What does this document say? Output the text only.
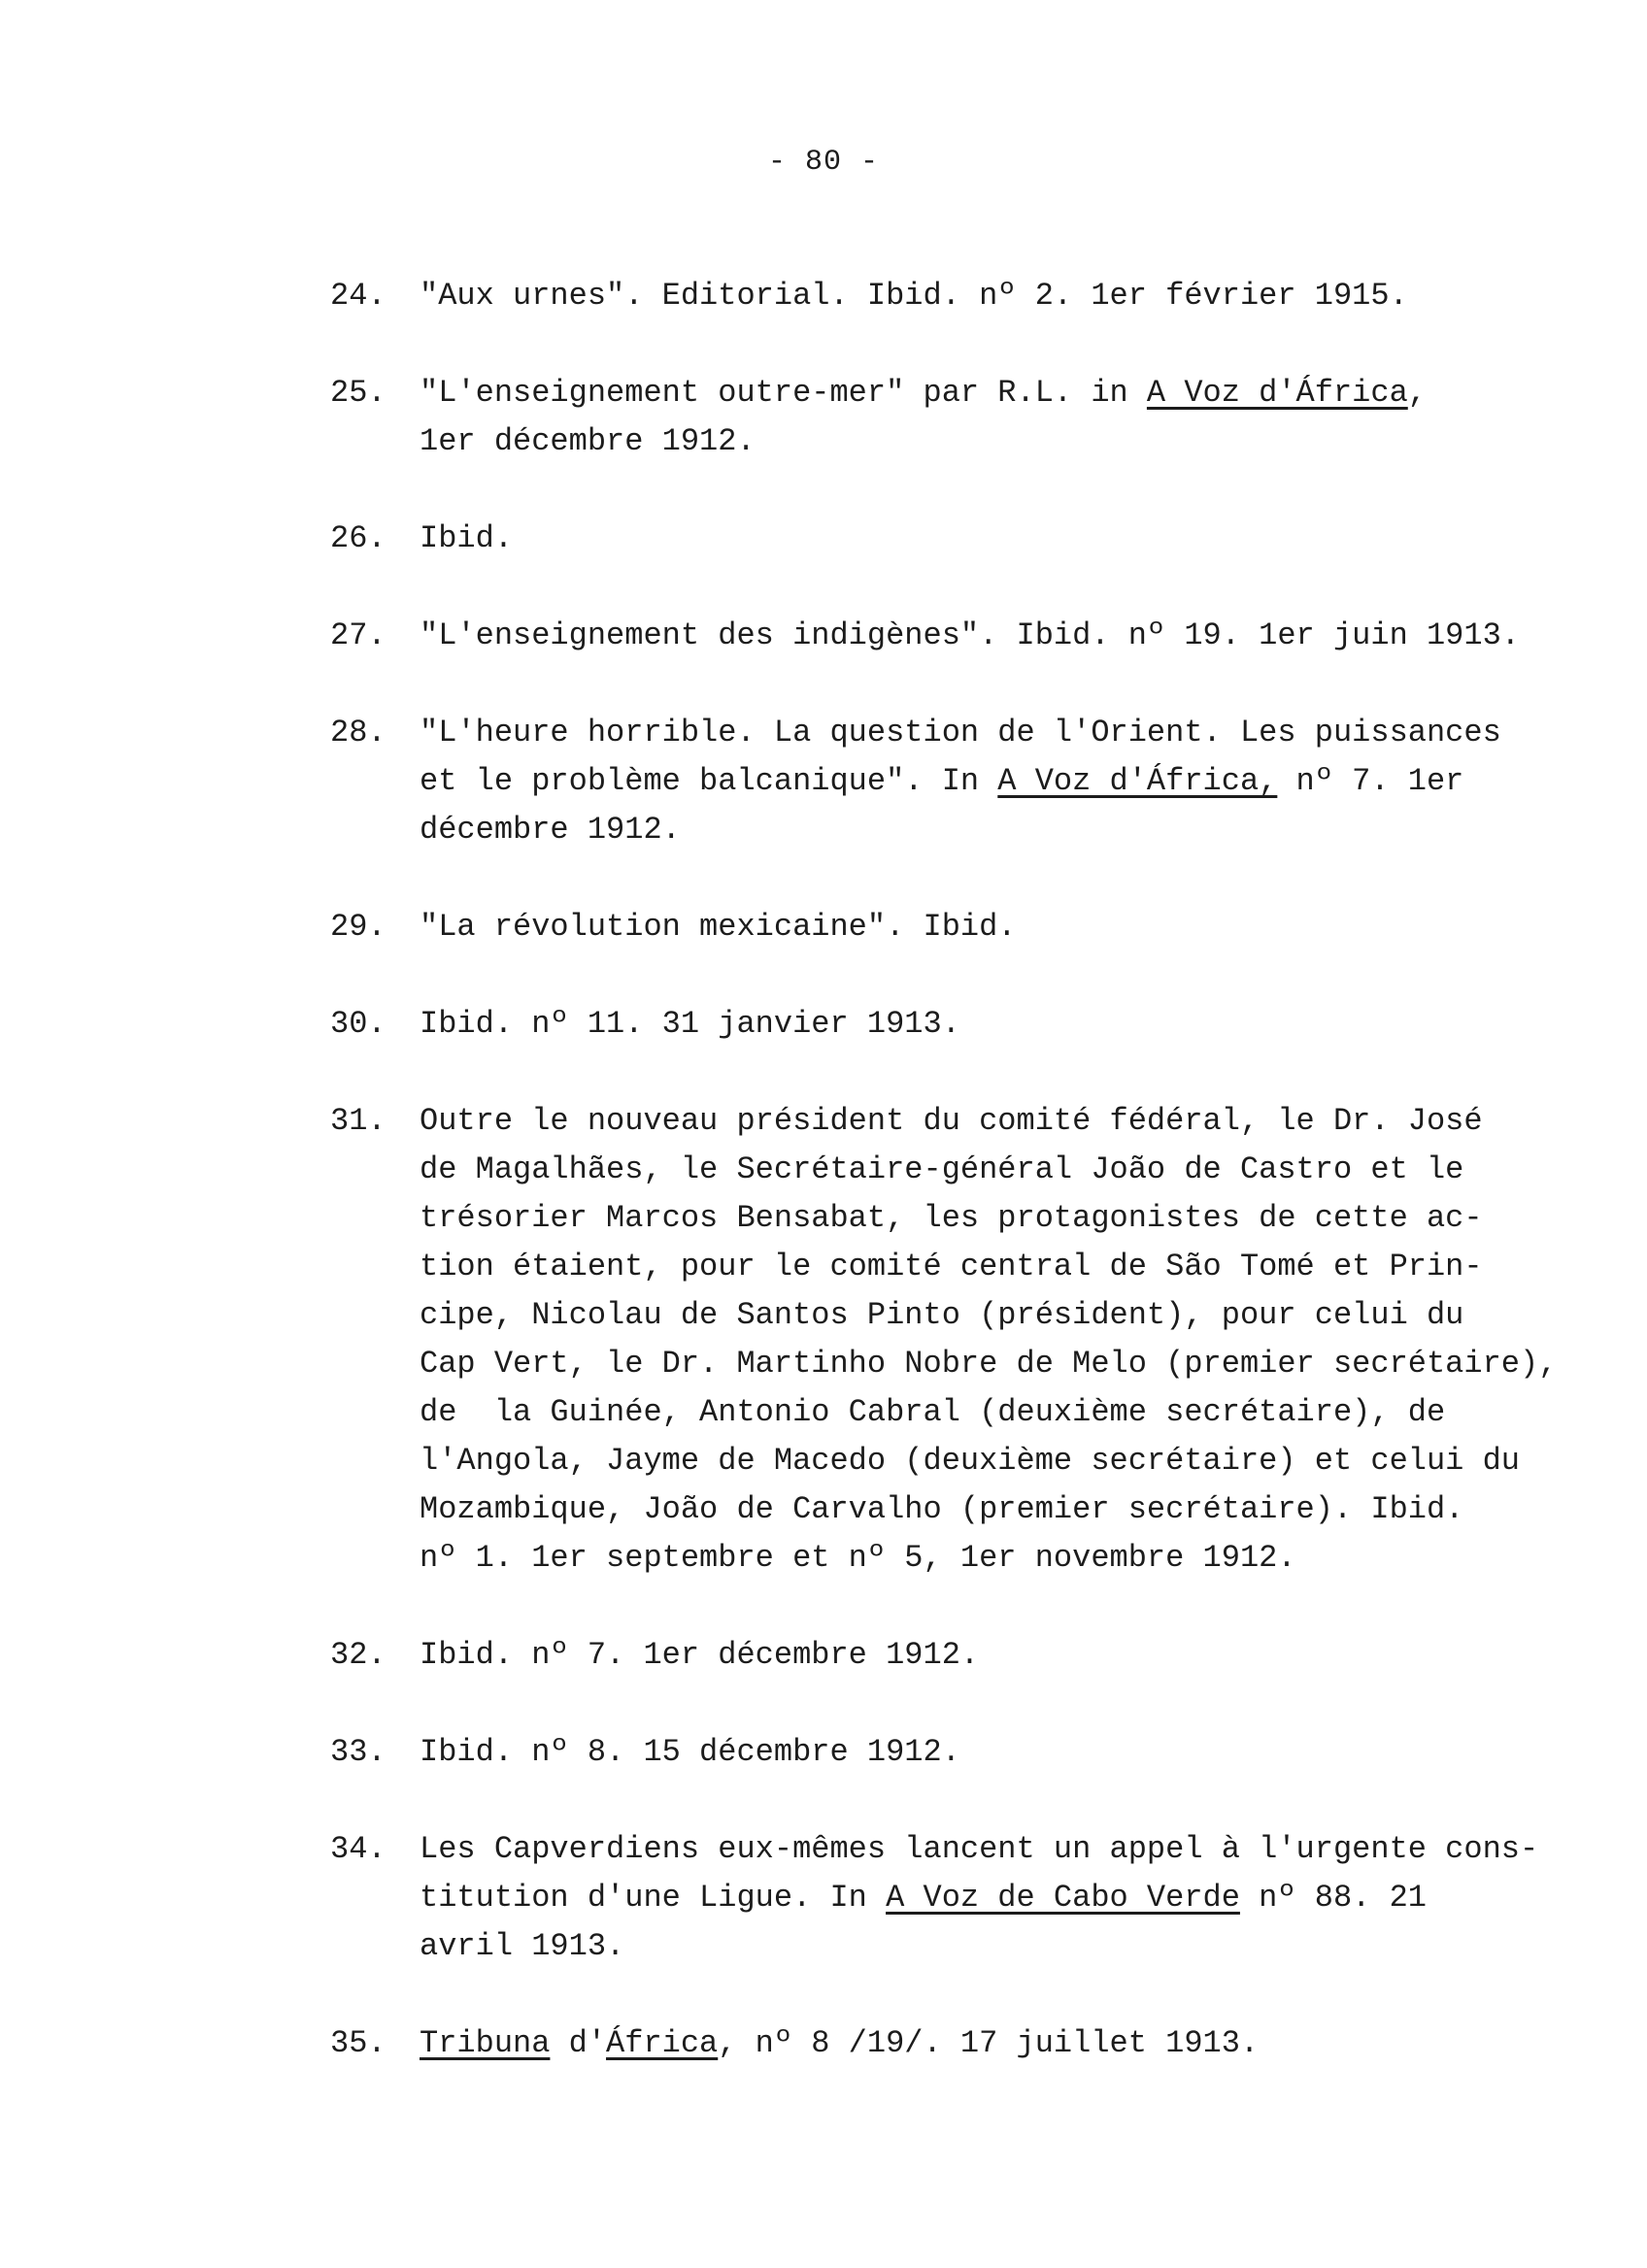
- 80 -
24.	"Aux urnes". Editorial. Ibid. nº 2. 1er février 1915.
25.	"L'enseignement outre-mer" par R.L. in A Voz d'África,
1er décembre 1912.
26.	Ibid.
27.	"L'enseignement des indigènes". Ibid. nº 19. 1er juin 1913.
28.	"L'heure horrible. La question de l'Orient. Les puissances
et le problème balcanique". In A Voz d'África, nº 7. 1er
décembre 1912.
29.	"La révolution mexicaine". Ibid.
30.	Ibid. nº 11. 31 janvier 1913.
31.	Outre le nouveau président du comité fédéral, le Dr. José
de Magalhães, le Secrétaire-général João de Castro et le
trésorier Marcos Bensabat, les protagonistes de cette ac-
tion étaient, pour le comité central de São Tomé et Prin-
cipe, Nicolau de Santos Pinto (président), pour celui du
Cap Vert, le Dr. Martinho Nobre de Melo (premier secrétaire),
de  la Guinée, Antonio Cabral (deuxième secrétaire), de
l'Angola, Jayme de Macedo (deuxième secrétaire) et celui du
Mozambique, João de Carvalho (premier secrétaire). Ibid.
nº 1. 1er septembre et nº 5, 1er novembre 1912.
32.	Ibid. nº 7. 1er décembre 1912.
33.	Ibid. nº 8. 15 décembre 1912.
34.	Les Capverdiens eux-mêmes lancent un appel à l'urgente cons-
titution d'une Ligue. In A Voz de Cabo Verde nº 88. 21
avril 1913.
35.	Tribuna d'África, nº 8 /19/. 17 juillet 1913.
